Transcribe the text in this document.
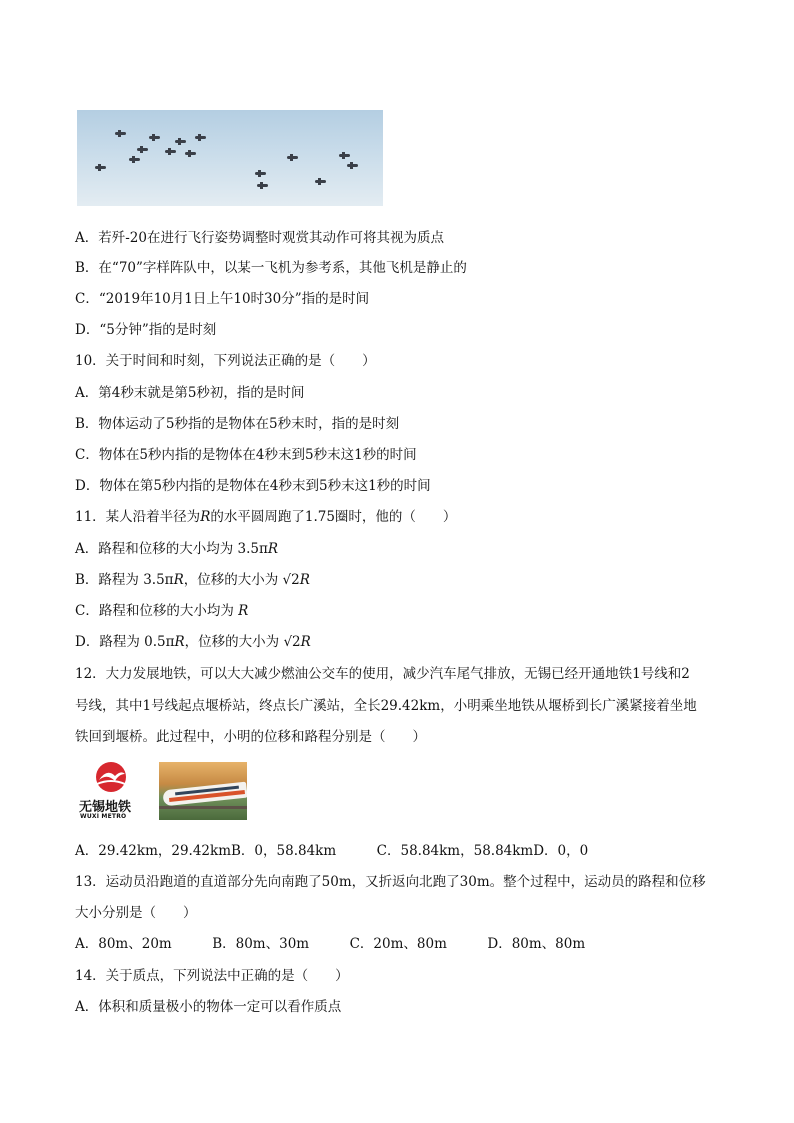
A．若歼-20在进行飞行姿势调整时观赏其动作可将其视为质点
B．在“70”字样阵队中，以某一飞机为参考系，其他飞机是静止的
C．“2019年10月1日上午10时30分”指的是时间
D．“5分钟”指的是时刻
10．关于时间和时刻，下列说法正确的是（　　）
A．第4秒末就是第5秒初，指的是时间
B．物体运动了5秒指的是物体在5秒末时，指的是时刻
C．物体在5秒内指的是物体在4秒末到5秒末这1秒的时间
D．物体在第5秒内指的是物体在4秒末到5秒末这1秒的时间
11．某人沿着半径为R的水平圆周跑了1.75圈时，他的（　　）
A．路程和位移的大小均为 3.5πR
B．路程为 3.5πR，位移的大小为 √2R
C．路程和位移的大小均为 R
D．路程为 0.5πR，位移的大小为 √2R
12．大力发展地铁，可以大大减少燃油公交车的使用，减少汽车尾气排放，无锡已经开通地铁1号线和2
号线，其中1号线起点堰桥站，终点长广溪站，全长29.42km，小明乘坐地铁从堰桥到长广溪紧接着坐地
铁回到堰桥。此过程中，小明的位移和路程分别是（　　）
无锡地铁
WUXI METRO
A．29.42km，29.42kmB．0，58.84km　　　C．58.84km，58.84kmD．0，0
13．运动员沿跑道的直道部分先向南跑了50m，又折返向北跑了30m。整个过程中，运动员的路程和位移
大小分别是（　　）
A．80m、20m　　　B．80m、30m　　　C．20m、80m　　　D．80m、80m
14．关于质点，下列说法中正确的是（　　）
A．体积和质量极小的物体一定可以看作质点
